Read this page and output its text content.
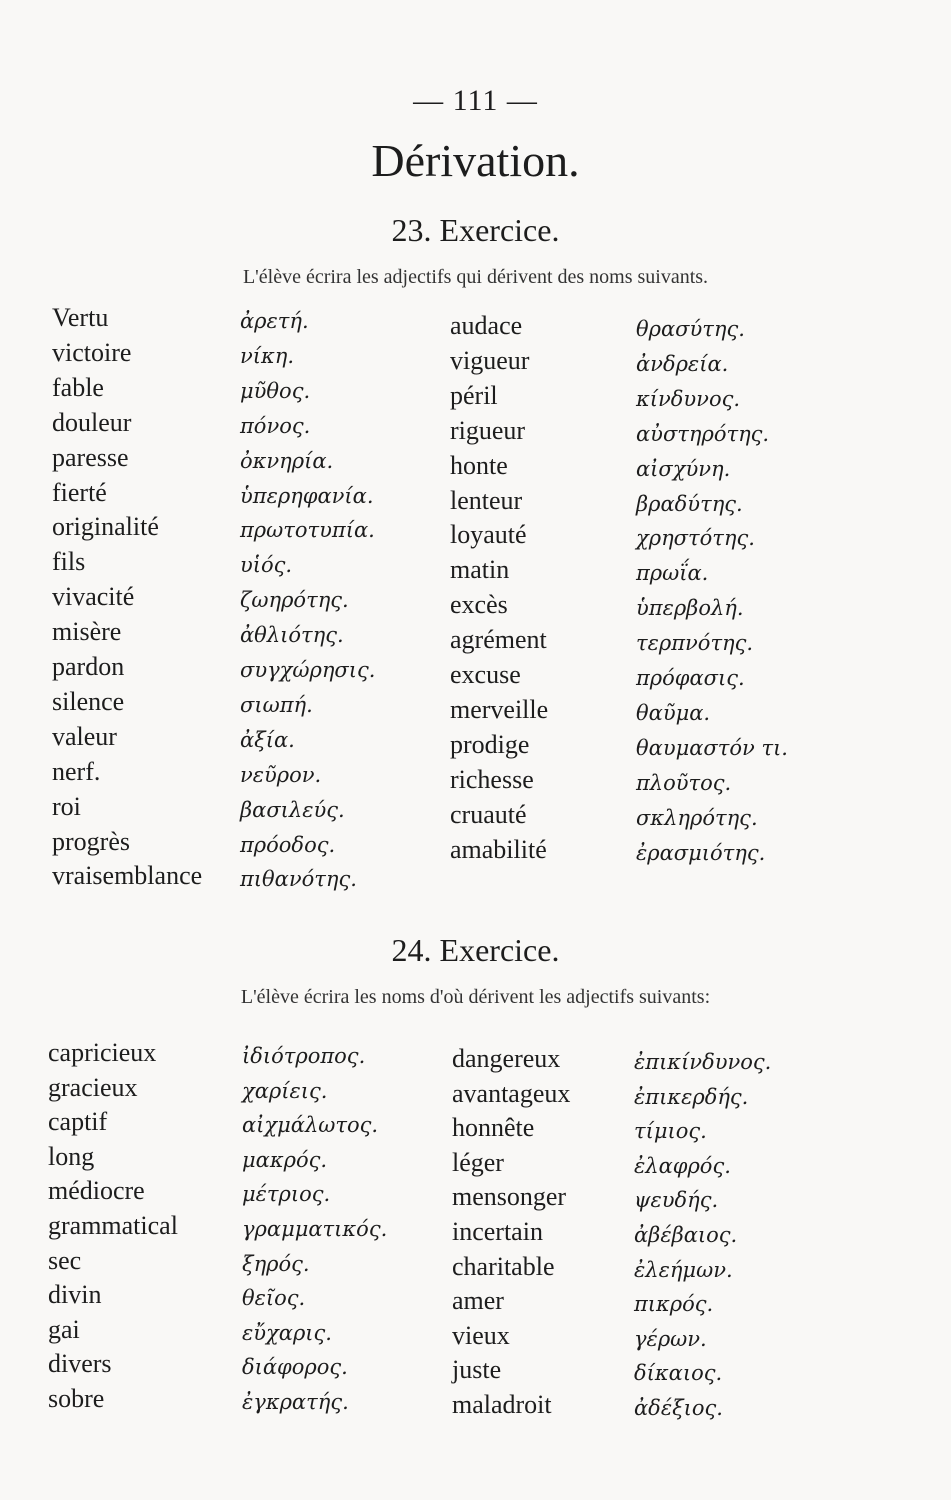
— 111 —
Dérivation.
23. Exercice.
L'élève écrira les adjectifs qui dérivent des noms suivants.
Vertu	ἀρετή.
victoire	νίκη.
fable	μῦθος.
douleur	πόνος.
paresse	ὀκνηρία.
fierté	ὑπερηφανία.
originalité	πρωτοτυπία.
fils	υἱός.
vivacité	ζωηρότης.
misère	ἀθλιότης.
pardon	συγχώρησις.
silence	σιωπή.
valeur	ἀξία.
nerf.	νεῦρον.
roi	βασιλεύς.
progrès	πρόοδος.
vraisemblance πιθανότης.
audace	θρασύτης.
vigueur	ἀνδρεία.
péril	κίνδυνος.
rigueur	αὐστηρότης.
honte	αἰσχύνη.
lenteur	βραδύτης.
loyauté	χρηστότης.
matin	πρωΐα.
excès	ὑπερβολή.
agrément	τερπνότης.
excuse	πρόφασις.
merveille	θαῦμα.
prodige	θαυμαστόν τι.
richesse	πλοῦτος.
cruauté	σκληρότης.
amabilité	ἐρασμιότης.
24. Exercice.
L'élève écrira les noms d'où dérivent les adjectifs suivants:
capricieux	ἰδιότροπος.
gracieux	χαρίεις.
captif	αἰχμάλωτος.
long	μακρός.
médiocre	μέτριος.
grammatical	γραμματικός.
sec	ξηρός.
divin	θεῖος.
gai	εὔχαρις.
divers	διάφορος.
sobre	ἐγκρατής.
dangereux	ἐπικίνδυνος.
avantageux	ἐπικερδής.
honnête	τίμιος.
léger	ἐλαφρός.
mensonger	ψευδής.
incertain	ἀβέβαιος.
charitable	ἐλεήμων.
amer	πικρός.
vieux	γέρων.
juste	δίκαιος.
maladroit	ἀδέξιος.
